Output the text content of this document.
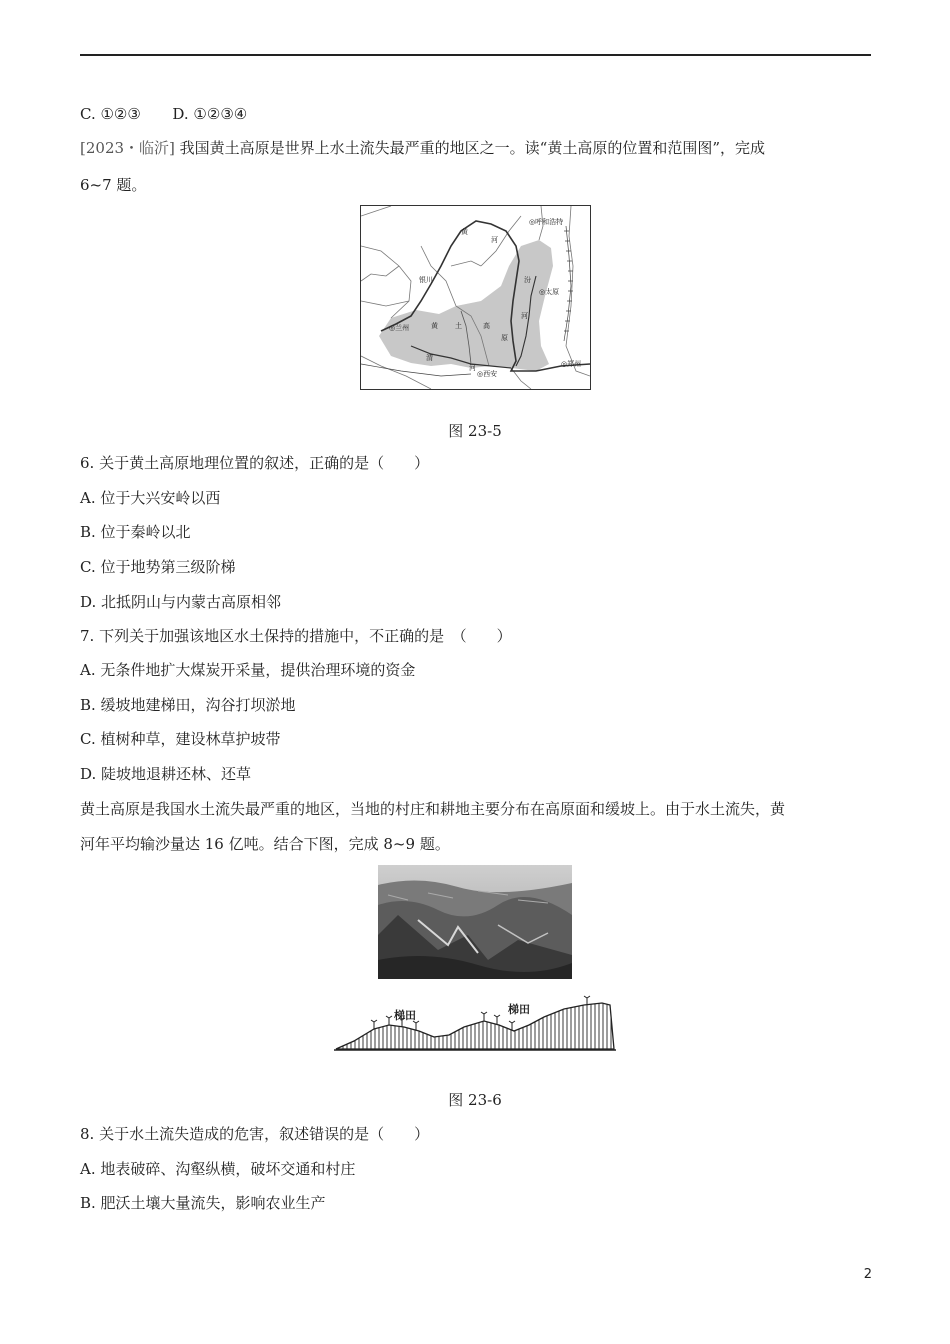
C. ①②③ D. ①②③④
[2023・临沂] 我国黄土高原是世界上水土流失最严重的地区之一。读“黄土高原的位置和范围图”，完成
6~7 题。
◎呼和浩特
黄
河
银川	汾
◎太原
◎兰州	黄 土	高
原
河
渭
河
◎西安
◎郑州
图 23-5
6. 关于黄土高原地理位置的叙述，正确的是（　　）
A. 位于大兴安岭以西
B. 位于秦岭以北
C. 位于地势第三级阶梯
D. 北抵阴山与内蒙古高原相邻
7. 下列关于加强该地区水土保持的措施中，不正确的是　（　　）
A. 无条件地扩大煤炭开采量，提供治理环境的资金
B. 缓坡地建梯田，沟谷打坝淤地
C. 植树种草，建设林草护坡带
D. 陡坡地退耕还林、还草
黄土高原是我国水土流失最严重的地区，当地的村庄和耕地主要分布在高原面和缓坡上。由于水土流失，黄
河年平均输沙量达 16 亿吨。结合下图，完成 8~9 题。
梯田	梯田
图 23-6
8. 关于水土流失造成的危害，叙述错误的是（　　）
A. 地表破碎、沟壑纵横，破坏交通和村庄
B. 肥沃土壤大量流失，影响农业生产
2
